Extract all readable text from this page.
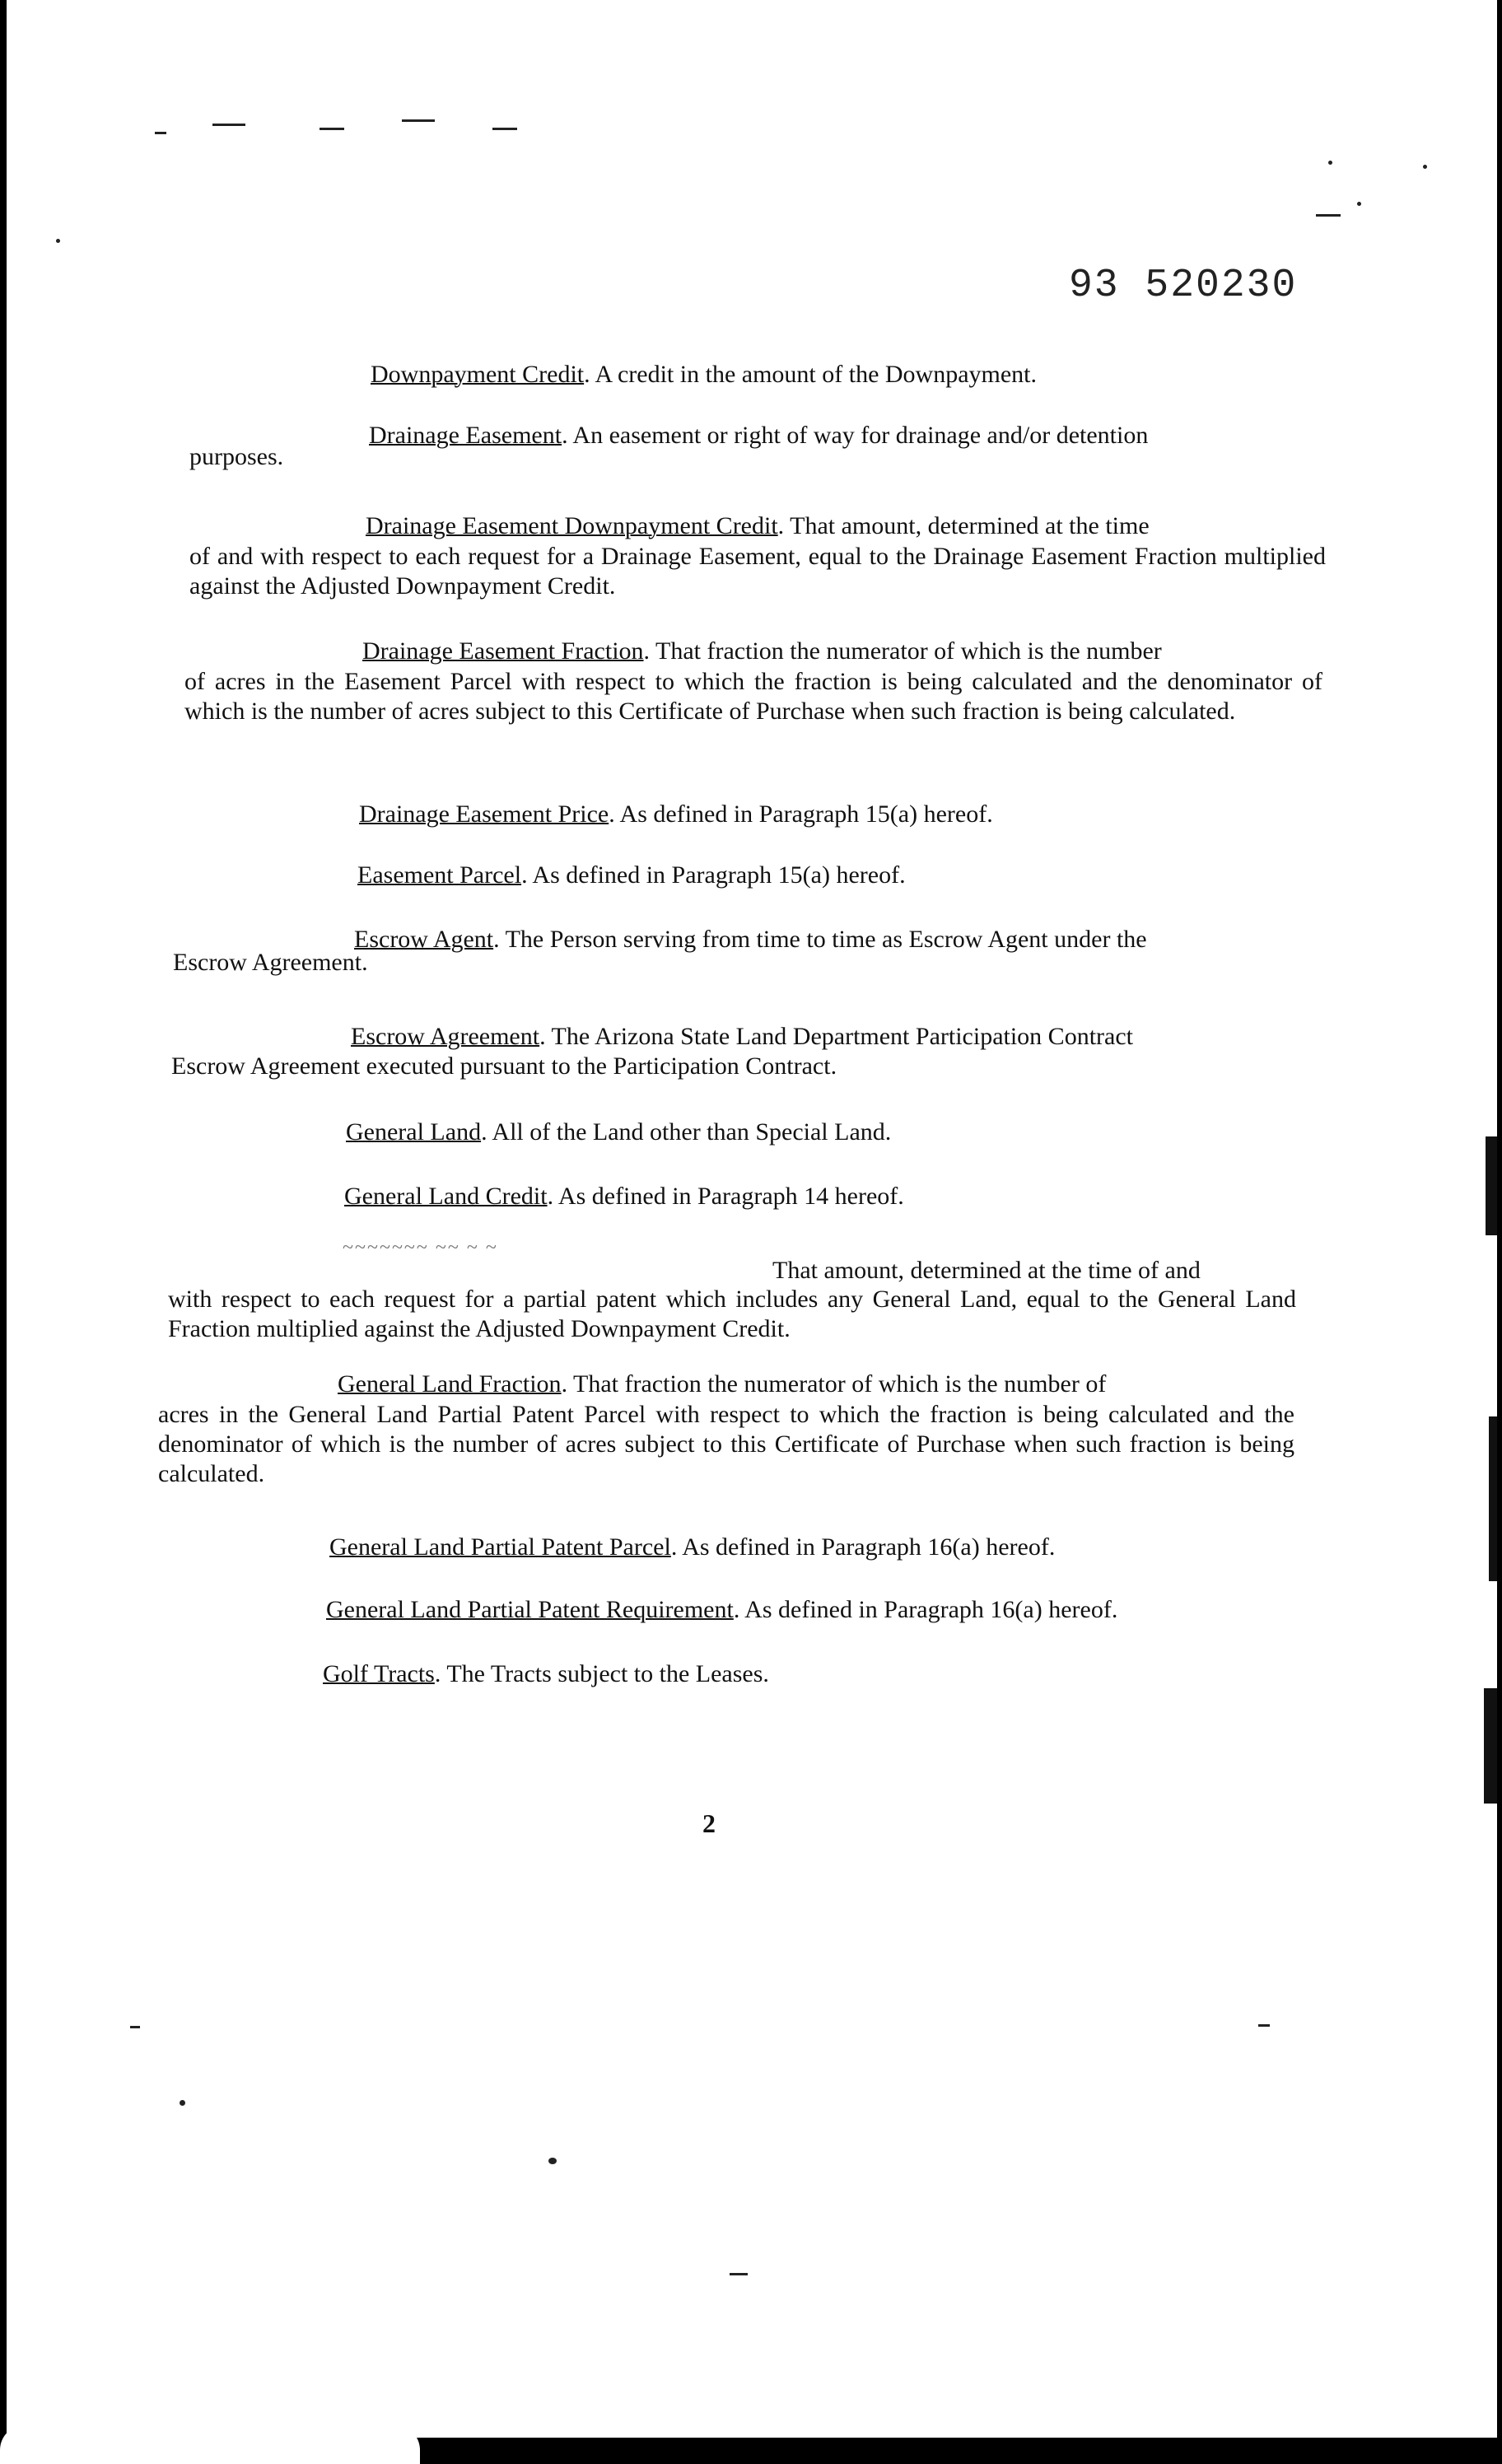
93 520230
Downpayment Credit. A credit in the amount of the Downpayment.
Drainage Easement. An easement or right of way for drainage and/or detention
purposes.
Drainage Easement Downpayment Credit. That amount, determined at the time
of and with respect to each request for a Drainage Easement, equal to the Drainage Easement Fraction multiplied against the Adjusted Downpayment Credit.
Drainage Easement Fraction. That fraction the numerator of which is the number
of acres in the Easement Parcel with respect to which the fraction is being calculated and the denominator of which is the number of acres subject to this Certificate of Purchase when such fraction is being calculated.
Drainage Easement Price. As defined in Paragraph 15(a) hereof.
Easement Parcel. As defined in Paragraph 15(a) hereof.
Escrow Agent. The Person serving from time to time as Escrow Agent under the
Escrow Agreement.
Escrow Agreement. The Arizona State Land Department Participation Contract
Escrow Agreement executed pursuant to the Participation Contract.
General Land. All of the Land other than Special Land.
General Land Credit. As defined in Paragraph 14 hereof.
~~~~~~~ ~~ ~ ~
That amount, determined at the time of and
with respect to each request for a partial patent which includes any General Land, equal to the General Land Fraction multiplied against the Adjusted Downpayment Credit.
General Land Fraction. That fraction the numerator of which is the number of
acres in the General Land Partial Patent Parcel with respect to which the fraction is being calculated and the denominator of which is the number of acres subject to this Certificate of Purchase when such fraction is being calculated.
General Land Partial Patent Parcel. As defined in Paragraph 16(a) hereof.
General Land Partial Patent Requirement. As defined in Paragraph 16(a) hereof.
Golf Tracts. The Tracts subject to the Leases.
2
